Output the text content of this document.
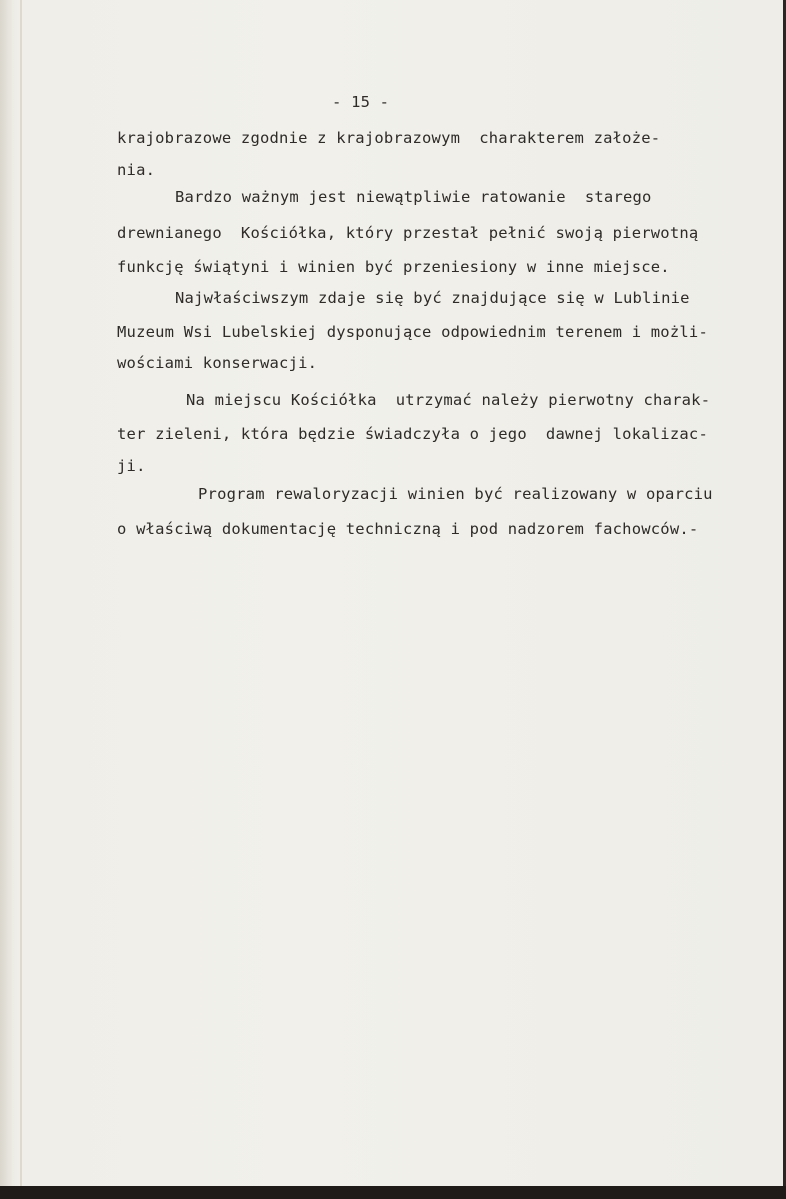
- 15 -
krajobrazowe zgodnie z krajobrazowym  charakterem założe-
nia.
Bardzo ważnym jest niewątpliwie ratowanie  starego
drewnianego  Kościółka, który przestał pełnić swoją pierwotną
funkcję świątyni i winien być przeniesiony w inne miejsce.
Najwłaściwszym zdaje się być znajdujące się w Lublinie
Muzeum Wsi Lubelskiej dysponujące odpowiednim terenem i możli-
wościami konserwacji.
Na miejscu Kościółka  utrzymać należy pierwotny charak-
ter zieleni, która będzie świadczyła o jego  dawnej lokalizac-
ji.
Program rewaloryzacji winien być realizowany w oparciu
o właściwą dokumentację techniczną i pod nadzorem fachowców.-
